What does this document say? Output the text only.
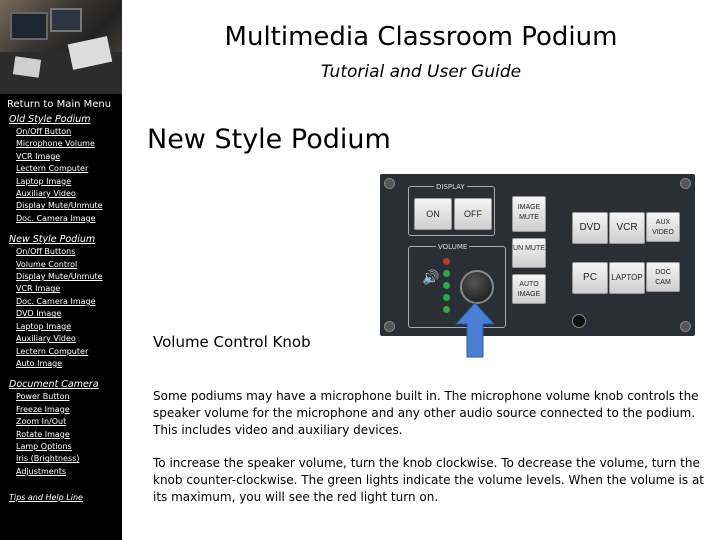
Return to Main Menu
Old Style Podium
On/Off Button
Microphone Volume
VCR Image
Lectern Computer
Laptop Image
Auxiliary Video
Display Mute/Unmute
Doc. Camera Image
New Style Podium
On/Off Buttons
Volume Control
Display Mute/Unmute
VCR Image
Doc. Camera Image
DVD Image
Laptop Image
Auxiliary Video
Lectern Computer
Auto Image
Document Camera
Power Button
Freeze Image
Zoom In/Out
Rotate Image
Lamp Options
Iris (Brightness)
Adjustments
Tips and Help Line
Multimedia Classroom Podium
Tutorial and User Guide
New Style Podium
DISPLAY
ON	OFF
VOLUME
🔊
IMAGE MUTE
UN MUTE
AUTO IMAGE
DVD	VCR	AUX VIDEO
PC	LAPTOP
DOC CAM
Volume Control Knob
Some podiums may have a microphone built in. The microphone volume knob controls the speaker volume for the microphone and any other audio source connected to the podium. This includes video and auxiliary devices.
To increase the speaker volume, turn the knob clockwise. To decrease the volume, turn the knob counter-clockwise. The green lights indicate the volume levels. When the volume is at its maximum, you will see the red light turn on.
